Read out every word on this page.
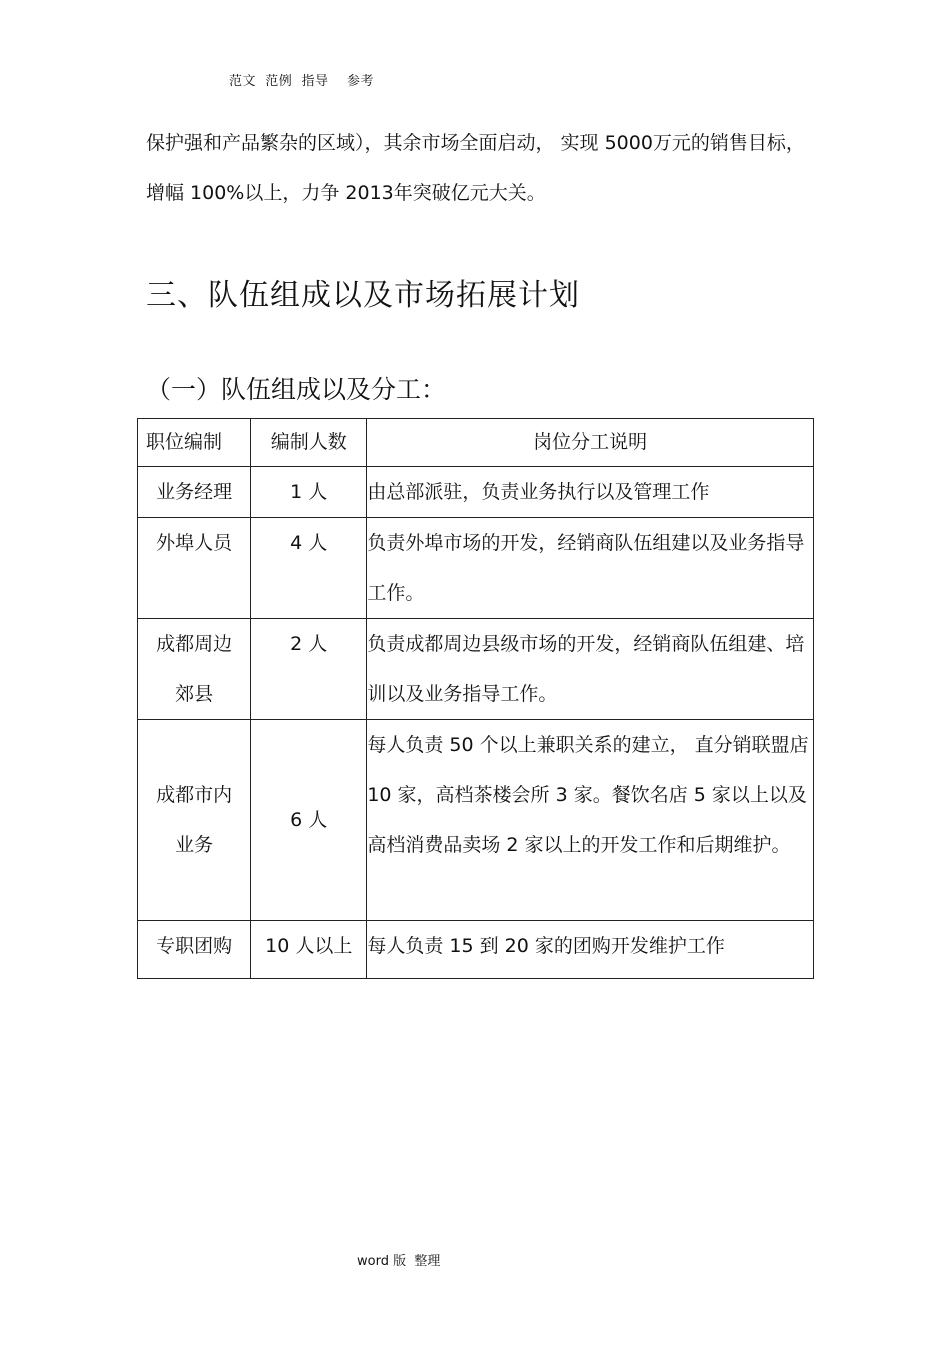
范文  范例  指导    参考
保护强和产品繁杂的区域），其余市场全面启动， 实现 5000万元的销售目标，增幅 100%以上，力争 2013年突破亿元大关。
三、队伍组成以及市场拓展计划
（一）队伍组成以及分工：
职位编制	编制人数	岗位分工说明
业务经理	1 人	由总部派驻，负责业务执行以及管理工作
外埠人员	4 人	负责外埠市场的开发，经销商队伍组建以及业务指导工作。
成都周边郊县	2 人	负责成都周边县级市场的开发，经销商队伍组建、培训以及业务指导工作。
成都市内业务	6 人	每人负责 50 个以上兼职关系的建立， 直分销联盟店 10 家，高档茶楼会所 3 家。餐饮名店 5 家以上以及高档消费品卖场 2 家以上的开发工作和后期维护。
专职团购	10 人以上	每人负责 15 到 20 家的团购开发维护工作
word 版  整理
